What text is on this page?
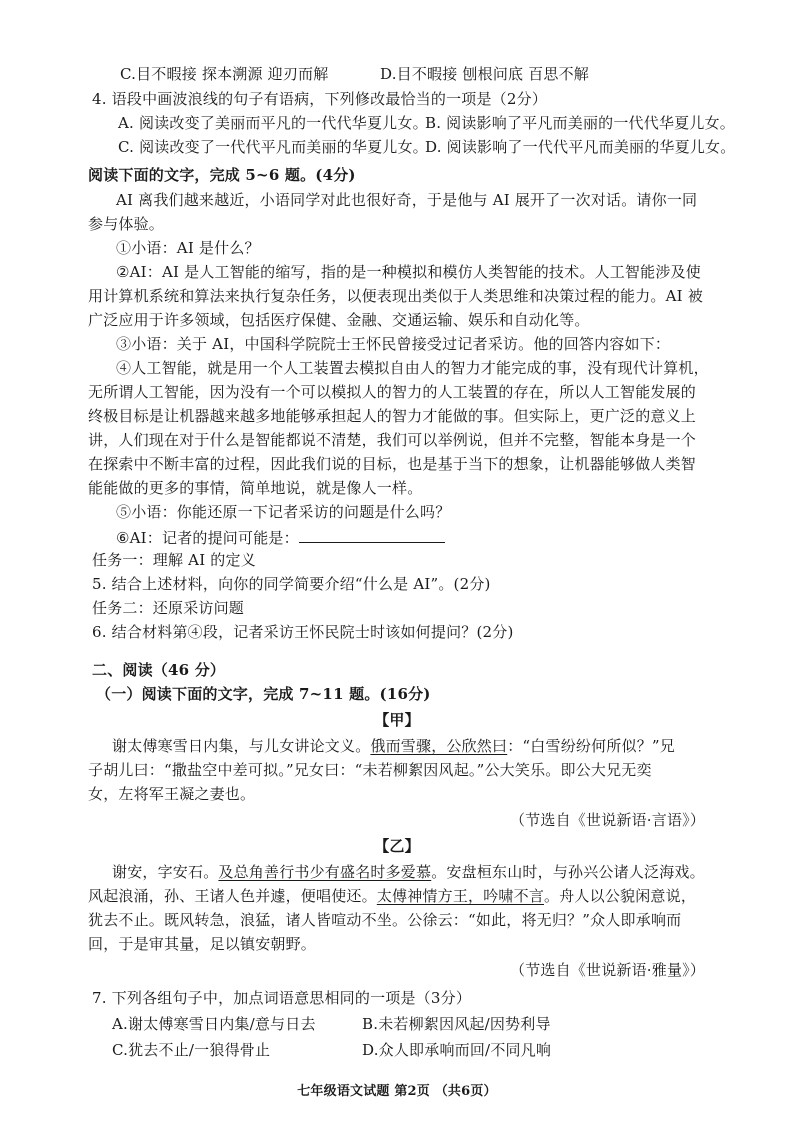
C.目不暇接 探本溯源 迎刃而解	D.目不暇接 刨根问底 百思不解
4. 语段中画波浪线的句子有语病，下列修改最恰当的一项是（2分）
A. 阅读改变了美丽而平凡的一代代华夏儿女。
B. 阅读影响了平凡而美丽的一代代华夏儿女。
C. 阅读改变了一代代平凡而美丽的华夏儿女。
D. 阅读影响了一代代平凡而美丽的华夏儿女。
阅读下面的文字，完成 5~6 题。(4分)
AI 离我们越来越近，小语同学对此也很好奇，于是他与 AI 展开了一次对话。请你一同
参与体验。
①小语：AI 是什么？
②AI：AI 是人工智能的缩写，指的是一种模拟和模仿人类智能的技术。人工智能涉及使
用计算机系统和算法来执行复杂任务，以便表现出类似于人类思维和决策过程的能力。AI 被
广泛应用于许多领域，包括医疗保健、金融、交通运输、娱乐和自动化等。
③小语：关于 AI，中国科学院院士王怀民曾接受过记者采访。他的回答内容如下：
④人工智能，就是用一个人工装置去模拟自由人的智力才能完成的事，没有现代计算机，
无所谓人工智能，因为没有一个可以模拟人的智力的人工装置的存在，所以人工智能发展的
终极目标是让机器越来越多地能够承担起人的智力才能做的事。但实际上，更广泛的意义上
讲，人们现在对于什么是智能都说不清楚，我们可以举例说，但并不完整，智能本身是一个
在探索中不断丰富的过程，因此我们说的目标，也是基于当下的想象，让机器能够做人类智
能能做的更多的事情，简单地说，就是像人一样。
⑤小语：你能还原一下记者采访的问题是什么吗？
⑥AI：记者的提问可能是：
任务一：理解 AI 的定义
5. 结合上述材料，向你的同学简要介绍“什么是 AI”。(2分)
任务二：还原采访问题
6. 结合材料第④段，记者采访王怀民院士时该如何提问？(2分)
二、阅读（46 分）
（一）阅读下面的文字，完成 7~11 题。(16分)
【甲】
谢太傅寒雪日内集，与儿女讲论文义。俄而雪骤，公欣然曰：“白雪纷纷何所似？”兄
子胡儿曰：“撒盐空中差可拟。”兄女曰：“未若柳絮因风起。”公大笑乐。即公大兄无奕
女，左将军王凝之妻也。
（节选自《世说新语·言语》）
【乙】
谢安，字安石。及总角善行书少有盛名时多爱慕。安盘桓东山时，与孙兴公诸人泛海戏。
风起浪涌，孙、王诸人色并遽，便唱使还。太傅神情方王，吟啸不言。舟人以公貌闲意说，
犹去不止。既风转急，浪猛，诸人皆喧动不坐。公徐云：“如此，将无归？”众人即承响而
回，于是审其量，足以镇安朝野。
（节选自《世说新语·雅量》）
7. 下列各组句子中，加点词语意思相同的一项是（3分）
A.谢太傅寒雪日内集/意与日去	B.未若柳絮因风起/因势利导
C.犹去不止/一狼得骨止	D.众人即承响而回/不同凡响
七年级语文试题 第2页 （共6页）
